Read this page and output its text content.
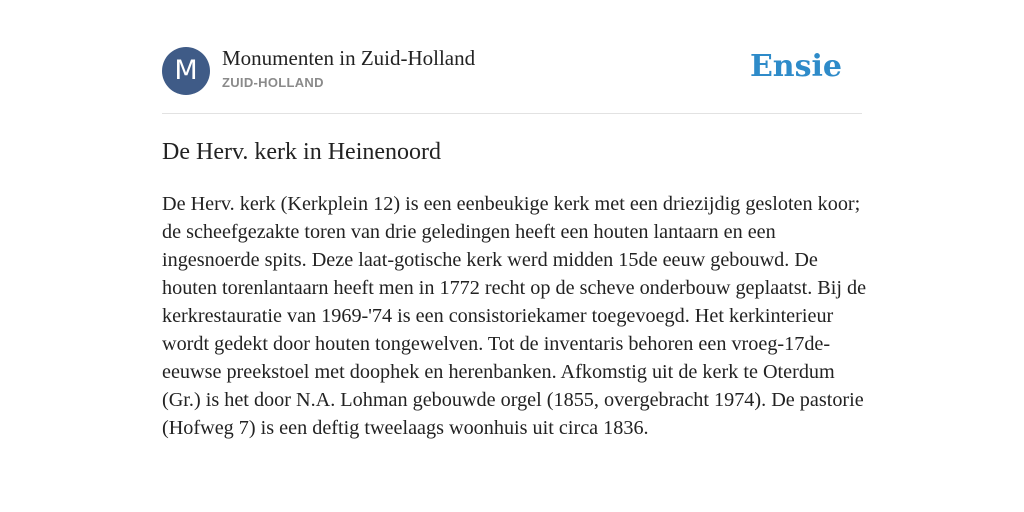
M	Monumenten in Zuid-Holland
ZUID-HOLLAND	Ensie
De Herv. kerk in Heinenoord

De Herv. kerk (Kerkplein 12) is een eenbeukige kerk met een driezijdig gesloten koor; de scheefgezakte toren van drie geledingen heeft een houten lantaarn en een ingesnoerde spits. Deze laat-gotische kerk werd midden 15de eeuw gebouwd. De houten torenlantaarn heeft men in 1772 recht op de scheve onderbouw geplaatst. Bij de kerkrestauratie van 1969-'74 is een consistoriekamer toegevoegd. Het kerkinterieur wordt gedekt door houten tongewelven. Tot de inventaris behoren een vroeg-17de-eeuwse preekstoel met doophek en herenbanken. Afkomstig uit de kerk te Oterdum (Gr.) is het door N.A. Lohman gebouwde orgel (1855, overgebracht 1974). De pastorie (Hofweg 7) is een deftig tweelaags woonhuis uit circa 1836.
